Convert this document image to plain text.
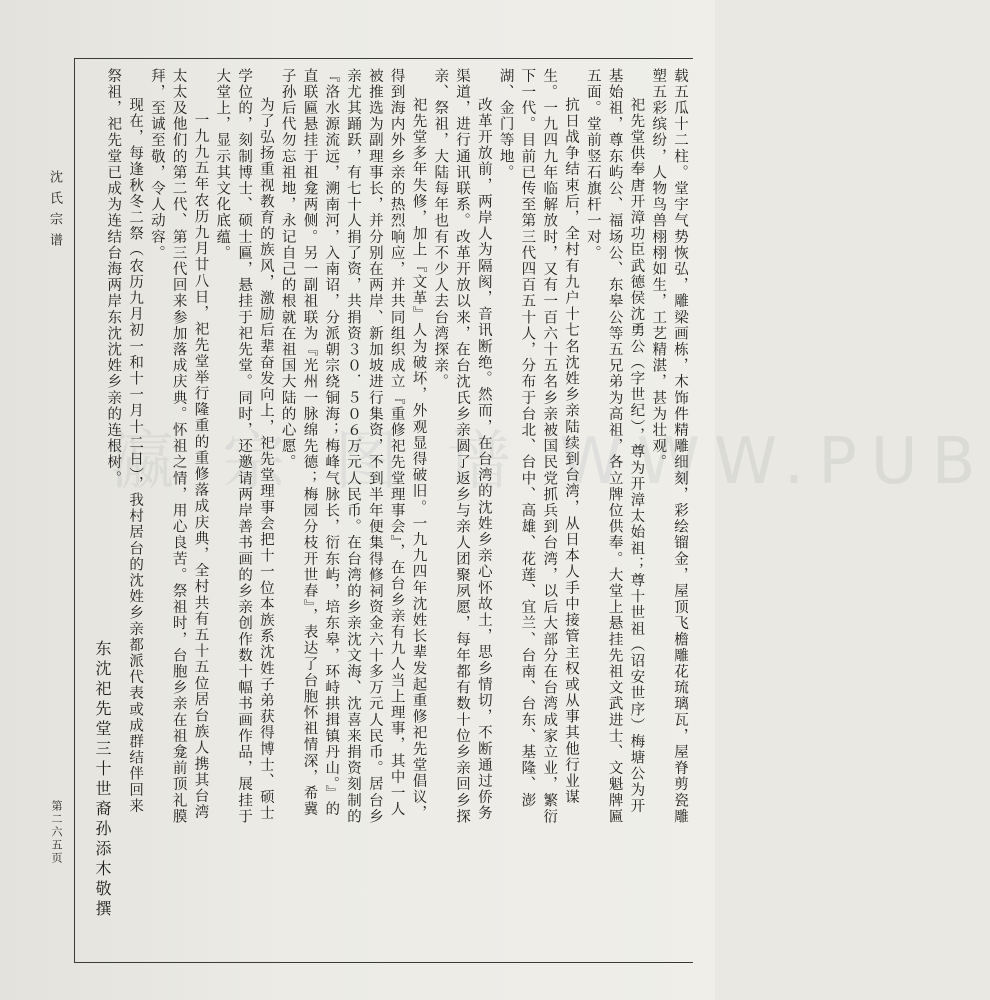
沈氏宗谱
第二六五页
瀛 宗 图 谱 WWW.PUB

载五瓜十二柱。堂宇气势恢弘，雕梁画栋，木饰件精雕细刻，彩绘镏金，屋顶飞檐雕花琉璃瓦，屋脊剪瓷雕塑五彩缤纷，人物鸟兽栩栩如生，工艺精湛，甚为壮观。

祀先堂供奉唐开漳功臣武德侯沈勇公（字世纪），尊为开漳太始祖；尊十世祖（诏安世序）梅塘公为开基始祖，尊东屿公、福场公、东皋公等五兄弟为高祖，各立牌位供奉。大堂上悬挂先祖文武进士、文魁牌匾五面。堂前竖石旗杆一对。

抗日战争结束后，全村有九户十七名沈姓乡亲陆续到台湾，从日本人手中接管主权或从事其他行业谋生。一九四九年临解放时，又有一百六十五名乡亲被国民党抓兵到台湾，以后大部分在台湾成家立业，繁衍下一代。目前已传至第三代四百五十人，分布于台北、台中、高雄、花莲、宜兰、台南、台东、基隆、澎湖、金门等地。

改革开放前，两岸人为隔阂，音讯断绝。然而，在台湾的沈姓乡亲心怀故土，思乡情切，不断通过侨务渠道，进行通讯联系。改革开放以来，在台沈氏乡亲圆了返乡与亲人团聚夙愿，每年都有数十位乡亲回乡探亲、祭祖，大陆每年也有不少人去台湾探亲。

祀先堂多年失修，加上『文革』人为破坏，外观显得破旧。一九九四年沈姓长辈发起重修祀先堂倡议，得到海内外乡亲的热烈响应，并共同组织成立『重修祀先堂理事会』，在台乡亲有九人当上理事，其中一人被推选为副理事长，并分别在两岸、新加坡进行集资，不到半年便集得修祠资金六十多万元人民币。居台乡亲尤其踊跃，有七十人捐了资，共捐资３０．５０６万元人民币。在台湾的乡亲沈文海、沈喜来捐资刻制的『洛水源流远，溯南河，入南诏，分派朝宗绕铜海；梅峰气脉长，衍东屿，培东皋，环峙拱揖镇丹山。』的直联匾悬挂于祖龛两侧。另一副祖联为『光州一脉绵先德；梅园分枝开世春』，表达了台胞怀祖情深，希冀子孙后代勿忘祖地，永记自己的根就在祖国大陆的心愿。

为了弘扬重视教育的族风，激励后辈奋发向上，祀先堂理事会把十一位本族系沈姓子弟获得博士、硕士学位的，刻制博士、硕士匾，悬挂于祀先堂。同时，还邀请两岸善书画的乡亲创作数十幅书画作品，展挂于大堂上，显示其文化底蕴。

一九九五年农历九月廿八日，祀先堂举行隆重的重修落成庆典，全村共有五十五位居台族人携其台湾太太及他们的第二代、第三代回来参加落成庆典。怀祖之情，用心良苦。祭祖时，台胞乡亲在祖龛前顶礼膜拜，至诚至敬，令人动容。

现在，每逢秋冬二祭（农历九月初一和十一月十二日），我村居台的沈姓乡亲都派代表或成群结伴回来祭祖，祀先堂已成为连结台海两岸东沈沈姓乡亲的连根树。

东沈祀先堂三十世裔孙添木敬撰
